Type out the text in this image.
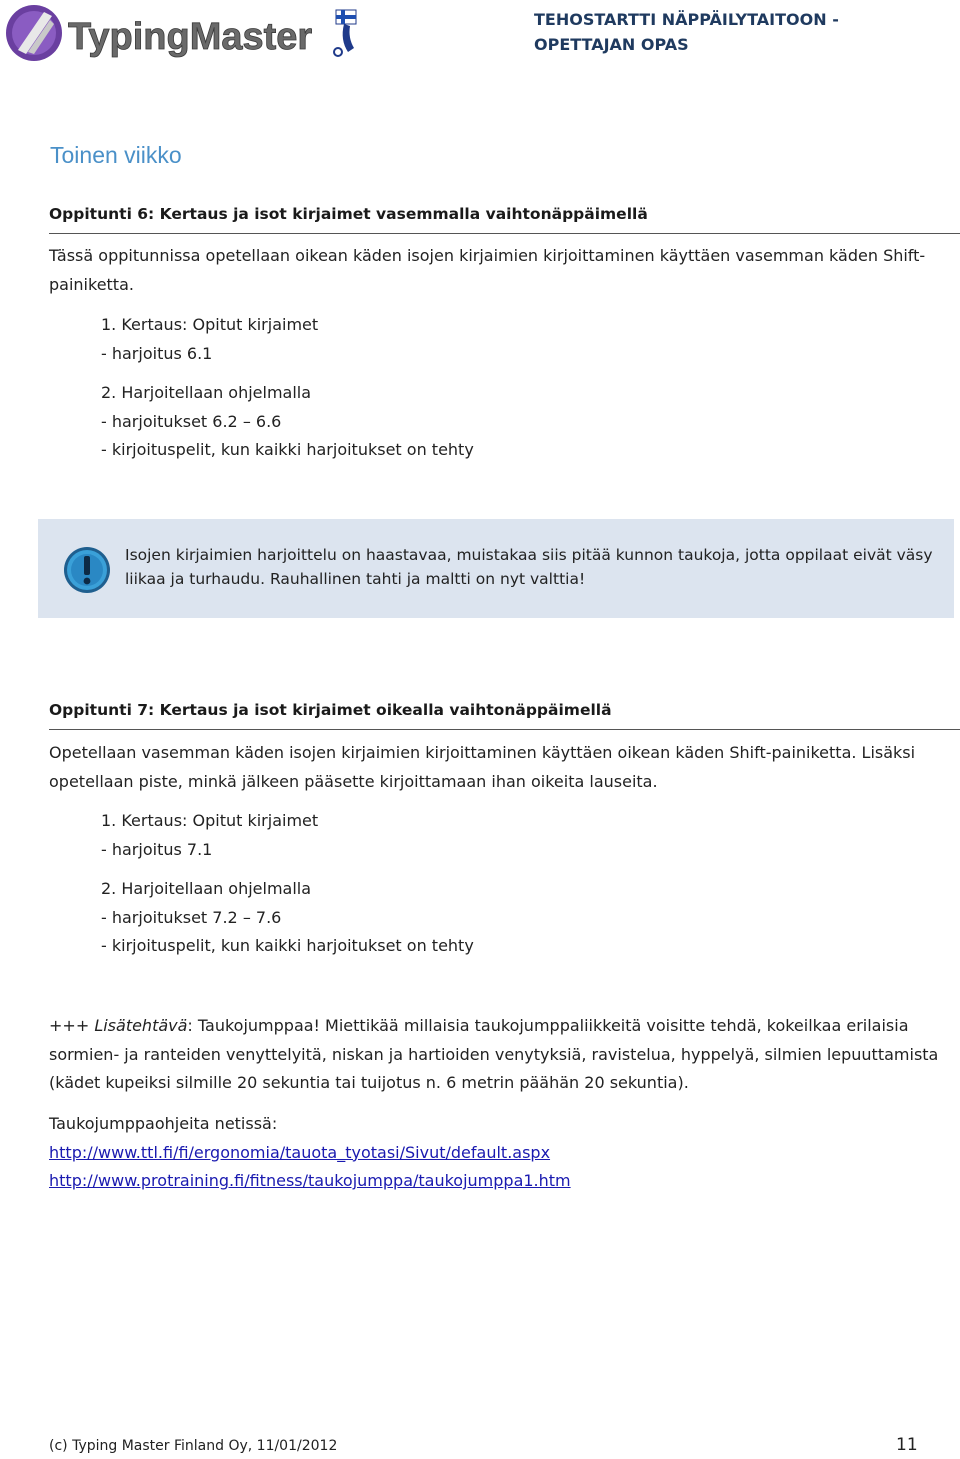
TypingMaster	TEHOSTARTTI NÄPPÄILYTAITOON -
OPETTAJAN OPAS
Toinen viikko
Oppitunti 6: Kertaus ja isot kirjaimet vasemmalla vaihtonäppäimellä
Tässä oppitunnissa opetellaan oikean käden isojen kirjaimien kirjoittaminen käyttäen vasemman käden Shift-painiketta.
1. Kertaus: Opitut kirjaimet
- harjoitus 6.1
2. Harjoitellaan ohjelmalla
- harjoitukset 6.2 – 6.6
- kirjoituspelit, kun kaikki harjoitukset on tehty
Isojen kirjaimien harjoittelu on haastavaa, muistakaa siis pitää kunnon taukoja, jotta oppilaat eivät väsy liikaa ja turhaudu. Rauhallinen tahti ja maltti on nyt valttia!
Oppitunti 7: Kertaus ja isot kirjaimet oikealla vaihtonäppäimellä
Opetellaan vasemman käden isojen kirjaimien kirjoittaminen käyttäen oikean käden Shift-painiketta. Lisäksi opetellaan piste, minkä jälkeen pääsette kirjoittamaan ihan oikeita lauseita.
1. Kertaus: Opitut kirjaimet
- harjoitus 7.1
2. Harjoitellaan ohjelmalla
- harjoitukset 7.2 – 7.6
- kirjoituspelit, kun kaikki harjoitukset on tehty
+++ Lisätehtävä: Taukojumppaa! Miettikää millaisia taukojumppaliikkeitä voisitte tehdä, kokeilkaa erilaisia sormien- ja ranteiden venyttelyitä, niskan ja hartioiden venytyksiä, ravistelua, hyppelyä, silmien lepuuttamista (kädet kupeiksi silmille 20 sekuntia tai tuijotus n. 6 metrin päähän 20 sekuntia).
Taukojumppaohjeita netissä:
http://www.ttl.fi/fi/ergonomia/tauota_tyotasi/Sivut/default.aspx
http://www.protraining.fi/fitness/taukojumppa/taukojumppa1.htm
(c) Typing Master Finland Oy, 11/01/2012	11
